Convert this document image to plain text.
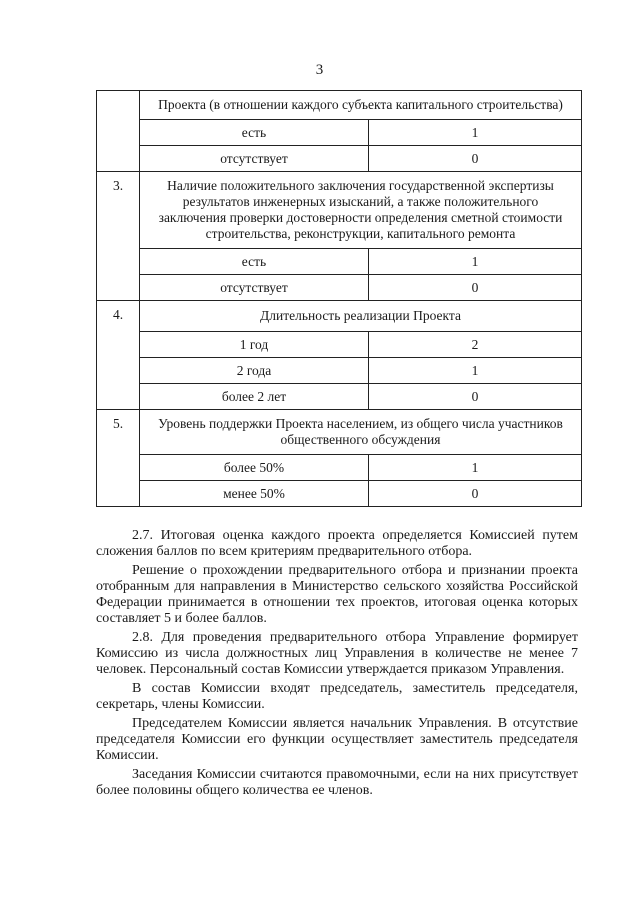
3
	Проекта (в отношении каждого субъекта капитального строительства)	
	есть	1
	отсутствует	0
3.	Наличие положительного заключения государственной экспертизы результатов инженерных изысканий, а также положительного заключения проверки достоверности определения сметной стоимости строительства, реконструкции, капитального ремонта	
	есть	1
	отсутствует	0
4.	Длительность реализации Проекта	
	1 год	2
	2 года	1
	более 2 лет	0
5.	Уровень поддержки Проекта населением, из общего числа участников общественного обсуждения	
	более 50%	1
	менее 50%	0

2.7. Итоговая оценка каждого проекта определяется Комиссией путем сложения баллов по всем критериям предварительного отбора.

Решение о прохождении предварительного отбора и признании проекта отобранным для направления в Министерство сельского хозяйства Российской Федерации принимается в отношении тех проектов, итоговая оценка которых составляет 5 и более баллов.

2.8. Для проведения предварительного отбора Управление формирует Комиссию из числа должностных лиц Управления в количестве не менее 7 человек. Персональный состав Комиссии утверждается приказом Управления.

В состав Комиссии входят председатель, заместитель председателя, секретарь, члены Комиссии.

Председателем Комиссии является начальник Управления. В отсутствие председателя Комиссии его функции осуществляет заместитель председателя Комиссии.

Заседания Комиссии считаются правомочными, если на них присутствует более половины общего количества ее членов.
